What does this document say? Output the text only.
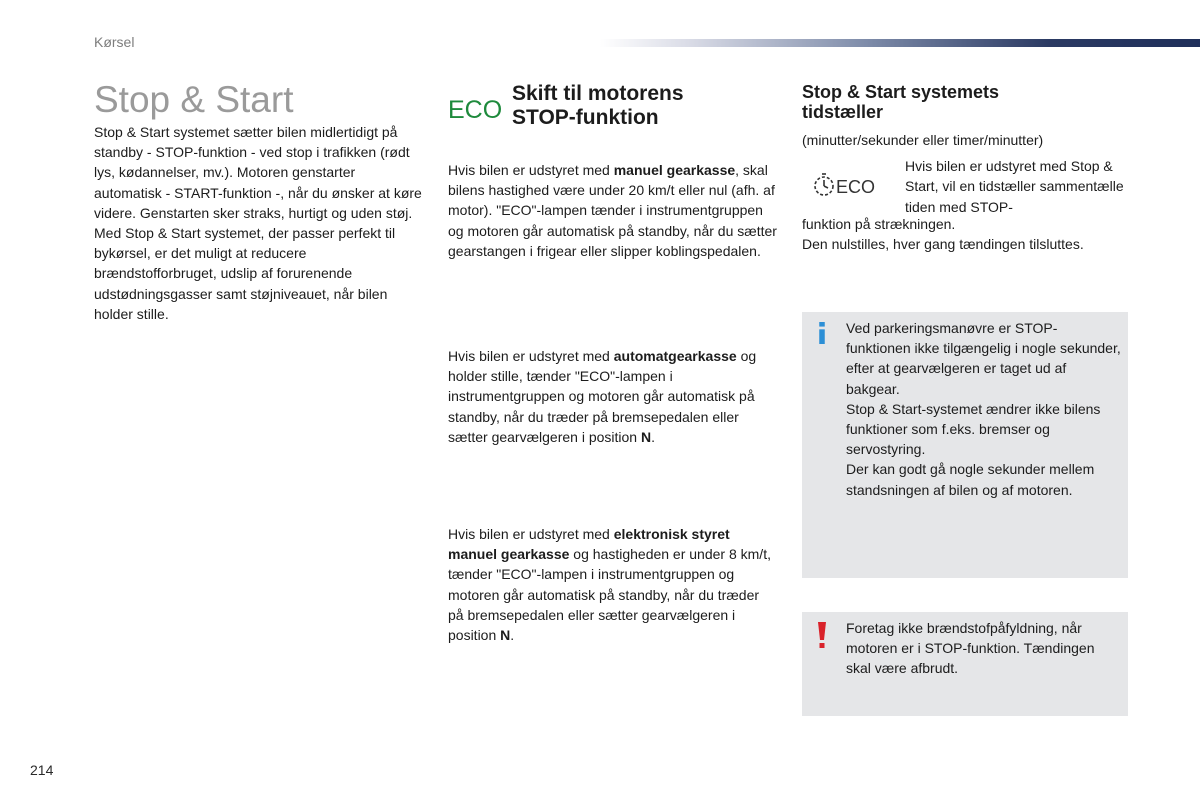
Kørsel
Stop & Start

Stop & Start systemet sætter bilen midlertidigt på standby - STOP-funktion - ved stop i trafikken (rødt lys, kødannelser, mv.). Motoren genstarter automatisk - START-funktion -, når du ønsker at køre videre. Genstarten sker straks, hurtigt og uden støj.

Med Stop & Start systemet, der passer perfekt til bykørsel, er det muligt at reducere brændstofforbruget, udslip af forurenende udstødningsgasser samt støjniveauet, når bilen holder stille.

ECO
Skift til motorens
STOP-funktion
Hvis bilen er udstyret med manuel gearkasse, skal bilens hastighed være under 20 km/t eller nul (afh. af motor). "ECO"-lampen tænder i instrumentgruppen og motoren går automatisk på standby, når du sætter gearstangen i frigear eller slipper koblingspedalen.
Hvis bilen er udstyret med automatgearkasse og holder stille, tænder "ECO"-lampen i instrumentgruppen og motoren går automatisk på standby, når du træder på bremsepedalen eller sætter gearvælgeren i position N.
Hvis bilen er udstyret med elektronisk styret manuel gearkasse og hastigheden er under 8 km/t, tænder "ECO"-lampen i instrumentgruppen og motoren går automatisk på standby, når du træder på bremsepedalen eller sætter gearvælgeren i position N.
Stop & Start systemets
tidstæller
(minutter/sekunder eller timer/minutter)
ECO
Hvis bilen er udstyret med Stop & Start, vil en tidstæller sammentælle tiden med STOP-
funktion på strækningen.
Den nulstilles, hver gang tændingen tilsluttes.
Ved parkeringsmanøvre er STOP-funktionen ikke tilgængelig i nogle sekunder, efter at gearvælgeren er taget ud af bakgear.
Stop & Start-systemet ændrer ikke bilens funktioner som f.eks. bremser og servostyring.
Der kan godt gå nogle sekunder mellem standsningen af bilen og af motoren.
Foretag ikke brændstofpåfyldning, når motoren er i STOP-funktion. Tændingen skal være afbrudt.
214
